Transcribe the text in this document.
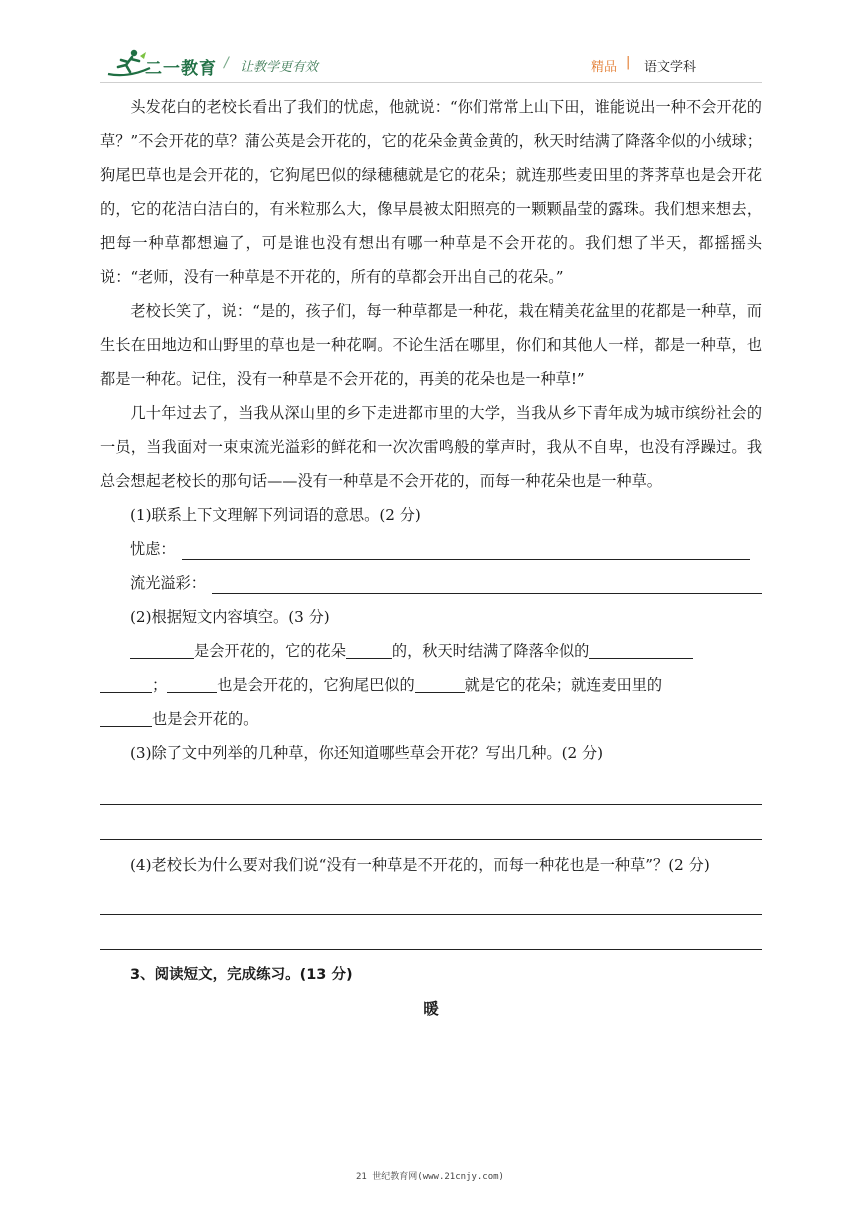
二一教育 / 让教学更有效	精品 | 语文学科

头发花白的老校长看出了我们的忧虑，他就说：“你们常常上山下田，谁能说出一种不会开花的草？”不会开花的草？蒲公英是会开花的，它的花朵金黄金黄的，秋天时结满了降落伞似的小绒球；狗尾巴草也是会开花的，它狗尾巴似的绿穗穗就是它的花朵；就连那些麦田里的荠荠草也是会开花的，它的花洁白洁白的，有米粒那么大，像早晨被太阳照亮的一颗颗晶莹的露珠。我们想来想去，把每一种草都想遍了，可是谁也没有想出有哪一种草是不会开花的。我们想了半天，都摇摇头说：“老师，没有一种草是不开花的，所有的草都会开出自己的花朵。”

老校长笑了，说：“是的，孩子们，每一种草都是一种花，栽在精美花盆里的花都是一种草，而生长在田地边和山野里的草也是一种花啊。不论生活在哪里，你们和其他人一样，都是一种草，也都是一种花。记住，没有一种草是不会开花的，再美的花朵也是一种草!”

几十年过去了，当我从深山里的乡下走进都市里的大学，当我从乡下青年成为城市缤纷社会的一员，当我面对一束束流光溢彩的鲜花和一次次雷鸣般的掌声时，我从不自卑，也没有浮躁过。我总会想起老校长的那句话——没有一种草是不会开花的，而每一种花朵也是一种草。

(1)联系上下文理解下列词语的意思。(2 分)

忧虑：
流光溢彩：

(2)根据短文内容填空。(3 分)

是会开花的，它的花朵	的，秋天时结满了降落伞似的

；	也是会开花的，它狗尾巴似的	就是它的花朵；就连麦田里的

也是会开花的。

(3)除了文中列举的几种草，你还知道哪些草会开花？写出几种。(2 分)

(4)老校长为什么要对我们说“没有一种草是不开花的，而每一种花也是一种草”？(2 分)

3、阅读短文，完成练习。(13 分)

暖

21 世纪教育网(www.21cnjy.com)
